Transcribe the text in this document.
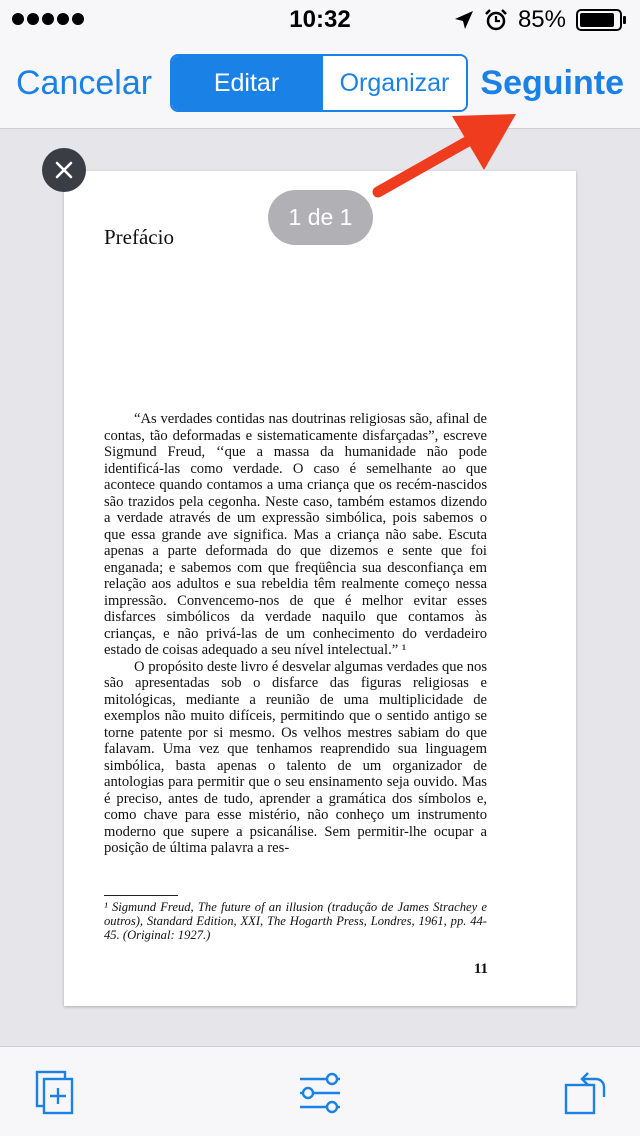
10:32	85%
Cancelar	Editar	Organizar Seguinte
Prefácio

“As verdades contidas nas doutrinas religiosas são, afinal de contas, tão deformadas e sistematicamente disfarçadas”, escreve Sigmund Freud, ‘‘que a massa da humanidade não pode identificá-las como verdade. O caso é semelhante ao que acontece quando contamos a uma criança que os recém-nascidos são trazidos pela cegonha. Neste caso, também estamos dizendo a verdade através de um expressão simbólica, pois sabemos o que essa grande ave significa. Mas a criança não sabe. Escuta apenas a parte deformada do que dizemos e sente que foi enganada; e sabemos com que freqüência sua desconfiança em relação aos adultos e sua rebeldia têm realmente começo nessa impressão. Convencemo-nos de que é melhor evitar esses disfarces simbólicos da verdade naquilo que contamos às crianças, e não privá-las de um conhecimento do verdadeiro estado de coisas adequado a seu nível intelectual.” ¹

O propósito deste livro é desvelar algumas verdades que nos são apresentadas sob o disfarce das figuras religiosas e mitológicas, mediante a reunião de uma multiplicidade de exemplos não muito difíceis, permitindo que o sentido antigo se torne patente por si mesmo. Os velhos mestres sabiam do que falavam. Uma vez que tenhamos reaprendido sua linguagem simbólica, basta apenas o talento de um organizador de antologias para permitir que o seu ensinamento seja ouvido. Mas é preciso, antes de tudo, aprender a gramática dos símbolos e, como chave para esse mistério, não conheço um instrumento moderno que supere a psicanálise. Sem permitir-lhe ocupar a posição de última palavra a res-

¹ Sigmund Freud, The future of an illusion (tradução de James Strachey e outros), Standard Edition, XXI, The Hogarth Press, Londres, 1961, pp. 44-45. (Original: 1927.)
11
1 de 1
